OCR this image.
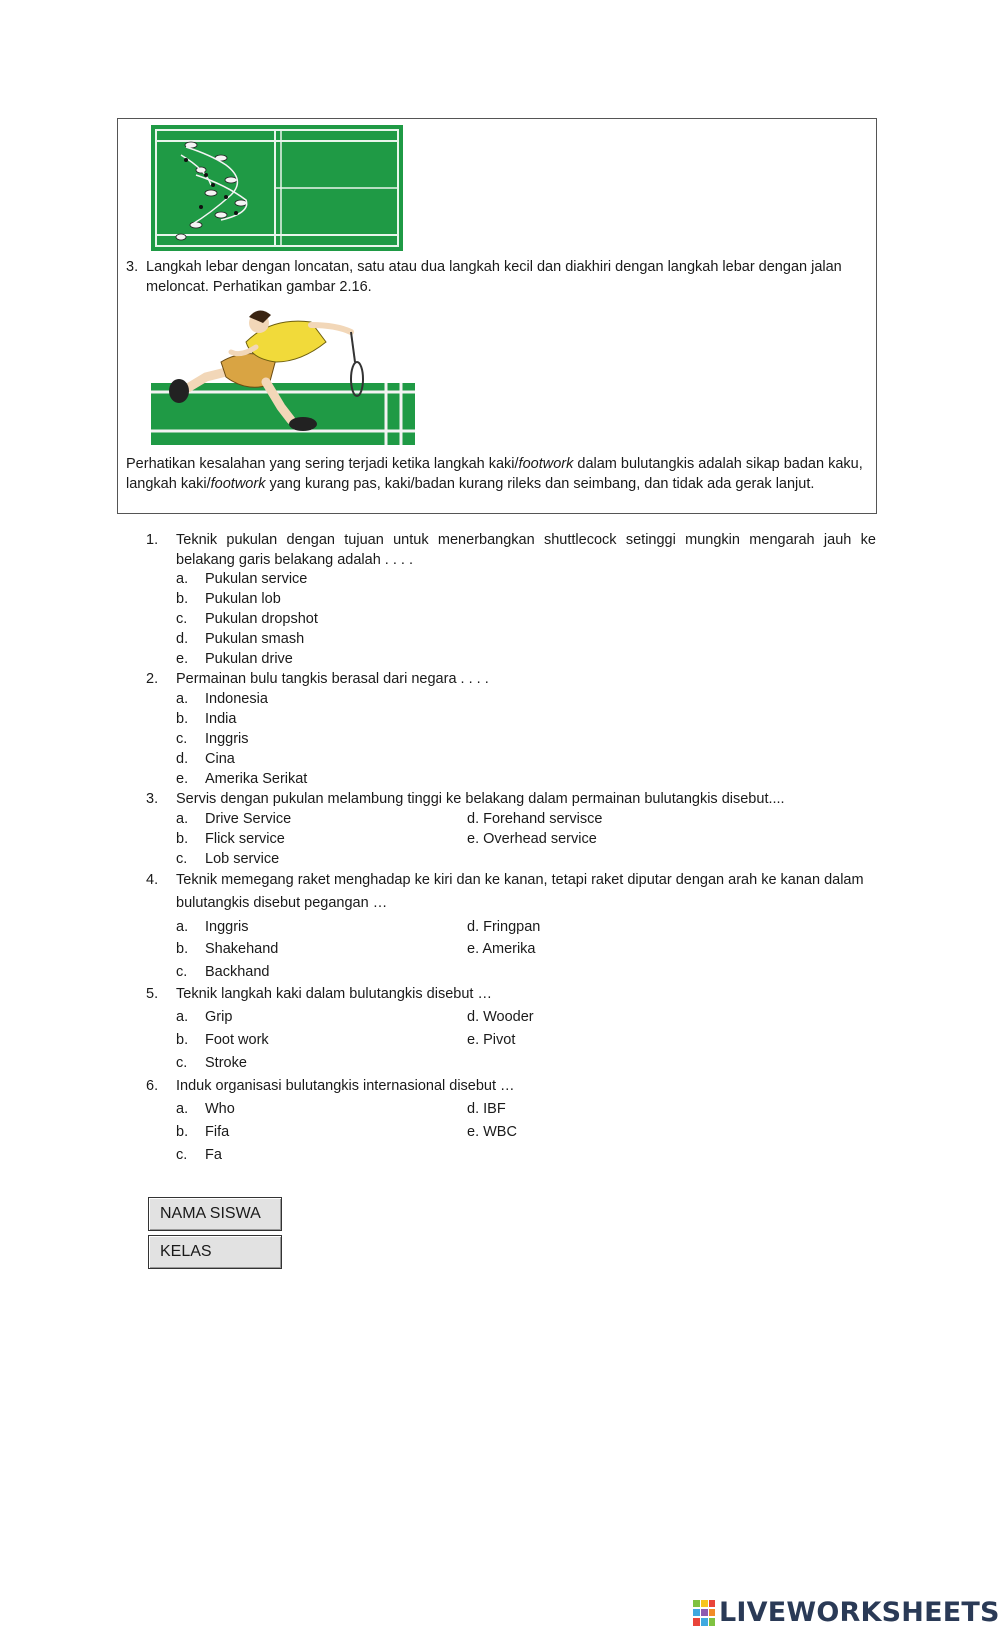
3. Langkah lebar dengan loncatan, satu atau dua langkah kecil dan diakhiri dengan langkah lebar dengan jalan meloncat. Perhatikan gambar 2.16.
Perhatikan kesalahan yang sering terjadi ketika langkah kaki/footwork dalam bulutangkis adalah sikap badan kaku, langkah kaki/footwork yang kurang pas, kaki/badan kurang rileks dan seimbang, dan tidak ada gerak lanjut.
1. Teknik pukulan dengan tujuan untuk menerbangkan shuttlecock setinggi mungkin mengarah jauh ke belakang garis belakang adalah . . . .
a. Pukulan service
b. Pukulan lob
c. Pukulan dropshot
d. Pukulan smash
e. Pukulan drive
2. Permainan bulu tangkis berasal dari negara . . . .
a. Indonesia
b. India
c. Inggris
d. Cina
e. Amerika Serikat
3. Servis dengan pukulan melambung tinggi ke belakang dalam permainan bulutangkis disebut....
a. Drive Service	d. Forehand servisce
b. Flick service	e. Overhead service
c. Lob service
4. Teknik memegang raket menghadap ke kiri dan ke kanan, tetapi raket diputar dengan arah ke kanan dalam bulutangkis disebut pegangan …
a. Inggris	d. Fringpan
b. Shakehand	e. Amerika
c. Backhand
5. Teknik langkah kaki dalam bulutangkis disebut …
a. Grip	d. Wooder
b. Foot work	e. Pivot
c. Stroke
6. Induk organisasi bulutangkis internasional disebut …
a. Who	d. IBF
b. Fifa	e. WBC
c. Fa
NAMA SISWA
KELAS
LIVEWORKSHEETS
